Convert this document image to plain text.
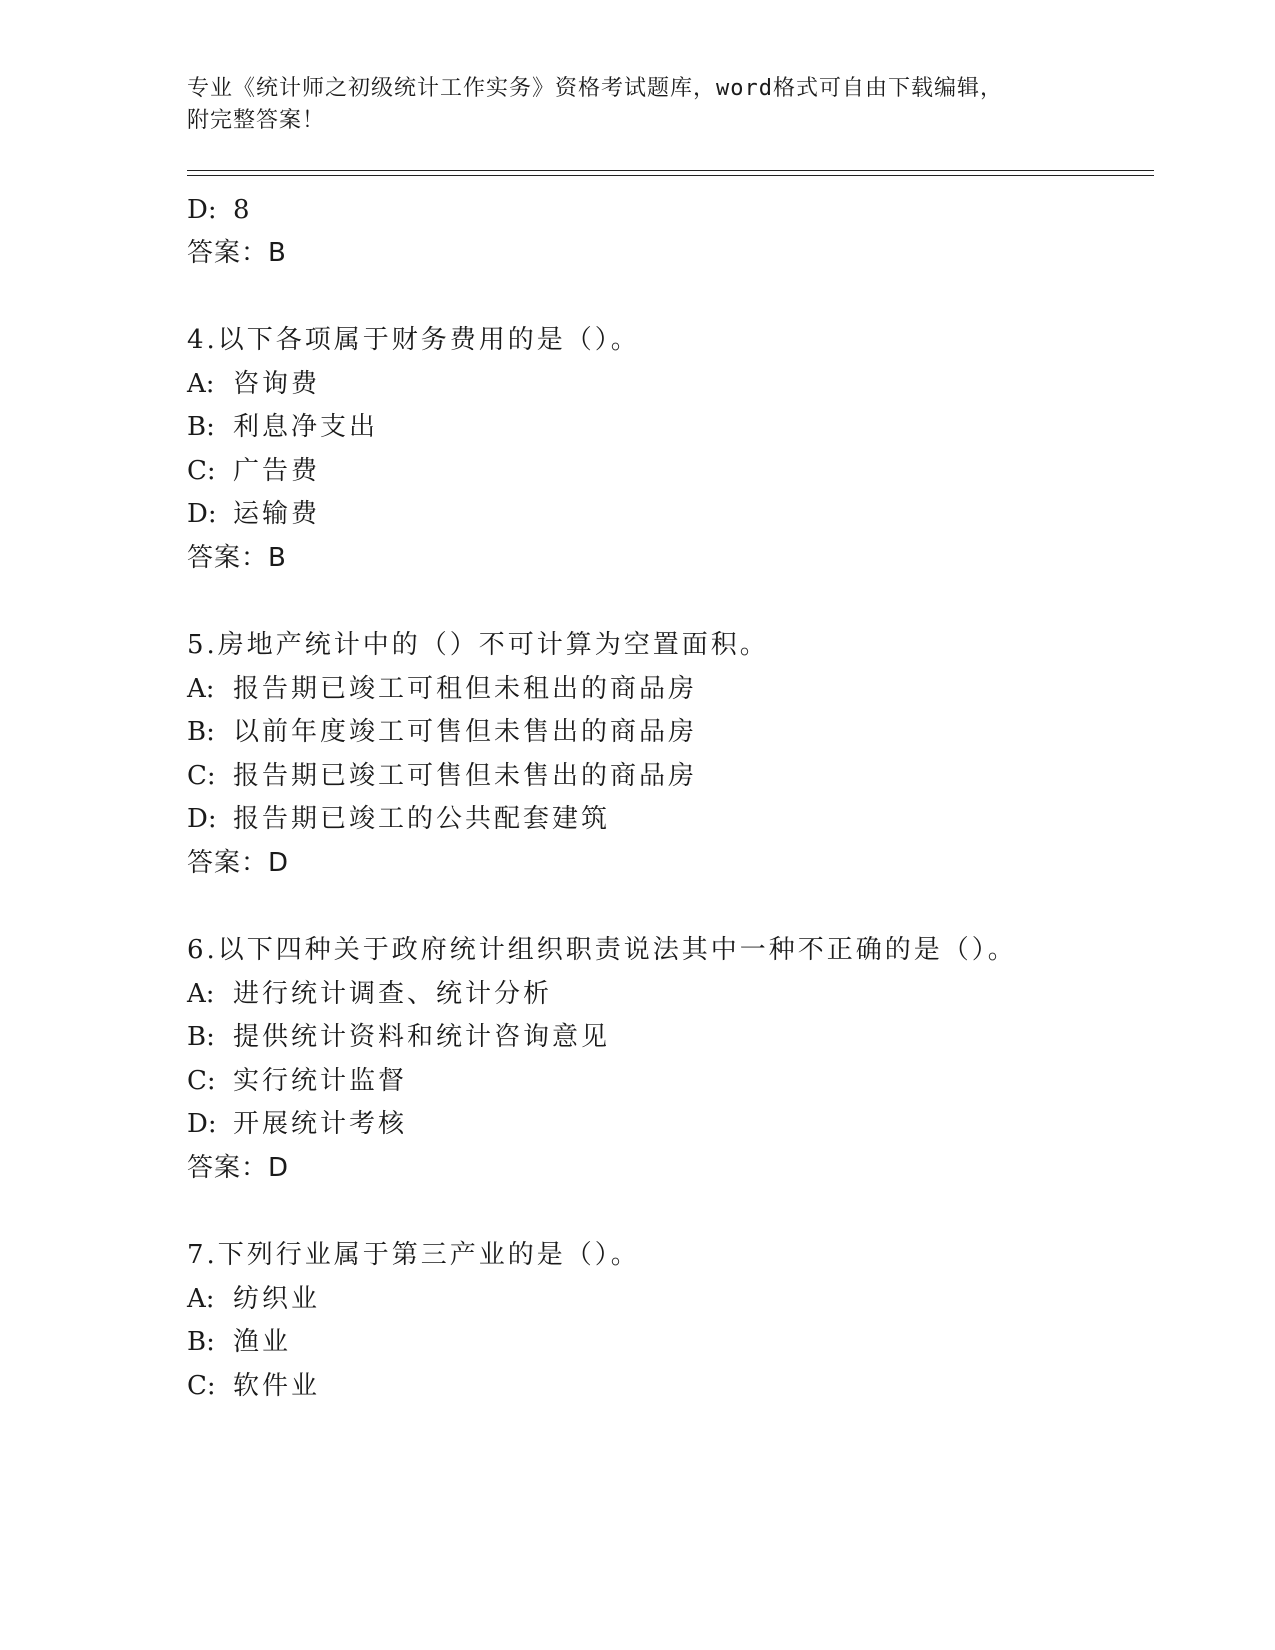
专业《统计师之初级统计工作实务》资格考试题库，word格式可自由下载编辑，
附完整答案！
D: 8
答案：B
4.以下各项属于财务费用的是（）。
A: 咨询费
B: 利息净支出
C: 广告费
D: 运输费
答案：B
5.房地产统计中的（）不可计算为空置面积。
A: 报告期已竣工可租但未租出的商品房
B: 以前年度竣工可售但未售出的商品房
C: 报告期已竣工可售但未售出的商品房
D: 报告期已竣工的公共配套建筑
答案：D
6.以下四种关于政府统计组织职责说法其中一种不正确的是（）。
A: 进行统计调查、统计分析
B: 提供统计资料和统计咨询意见
C: 实行统计监督
D: 开展统计考核
答案：D
7.下列行业属于第三产业的是（）。
A: 纺织业
B: 渔业
C: 软件业
